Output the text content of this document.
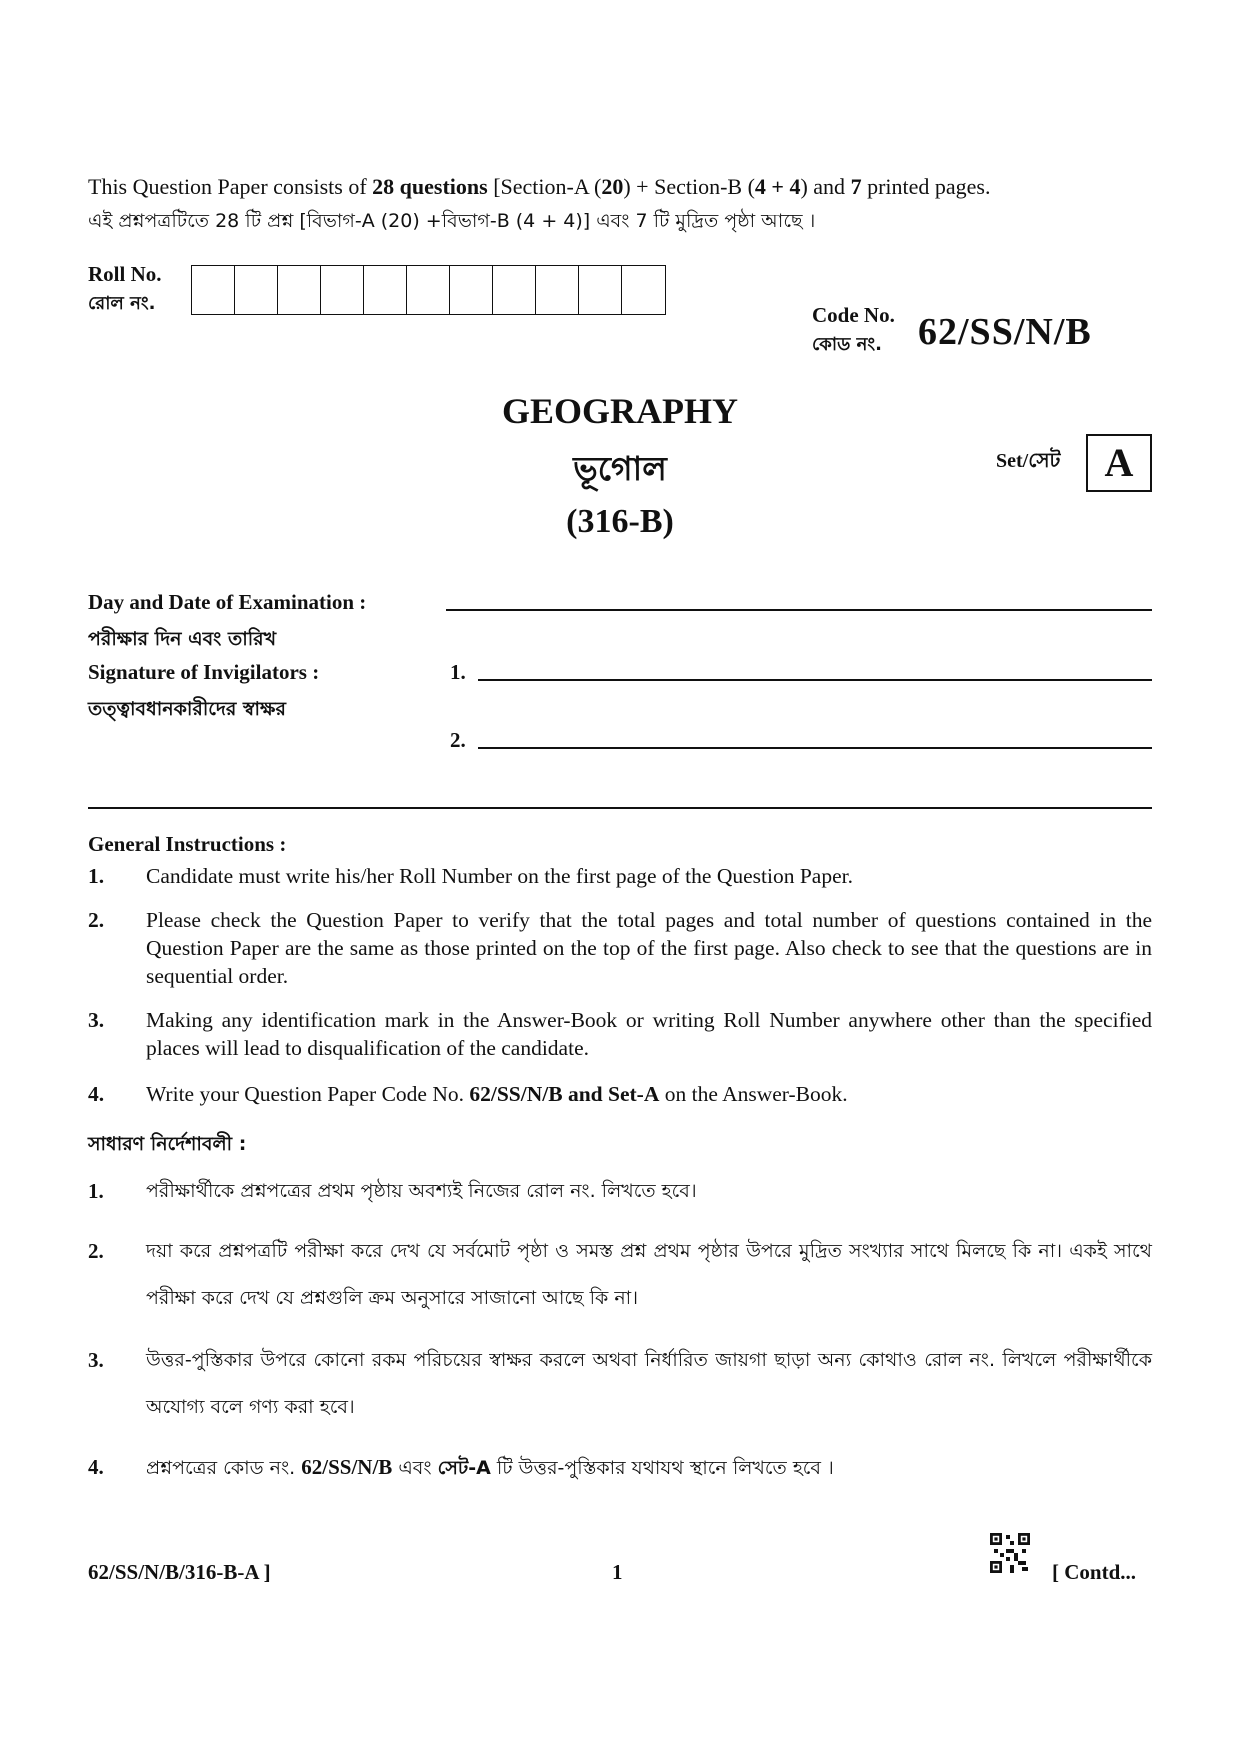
This Question Paper consists of 28 questions [Section-A (20) + Section-B (4 + 4) and 7 printed pages.
এই প্রশ্নপত্রটিতে 28 টি প্রশ্ন [বিভাগ-A (20) +বিভাগ-B (4 + 4)] এবং 7 টি মুদ্রিত পৃষ্ঠা আছে ।
Roll No.
রোল নং.	Code No.
কোড নং. 62/SS/N/B
GEOGRAPHY
ভূগোল
(316-B)
Set/সেট	A
Day and Date of Examination :
পরীক্ষার দিন এবং তারিখ
Signature of Invigilators :	1.
তত্ত্বাবধানকারীদের স্বাক্ষর
2.
General Instructions :
1.	Candidate must write his/her Roll Number on the first page of the Question Paper.
2.	Please check the Question Paper to verify that the total pages and total number of questions contained in the Question Paper are the same as those printed on the top of the first page. Also check to see that the questions are in sequential order.
3.	Making any identification mark in the Answer-Book or writing Roll Number anywhere other than the specified places will lead to disqualification of the candidate.
4.	Write your Question Paper Code No. 62/SS/N/B and Set-A on the Answer-Book.
সাধারণ নির্দেশাবলী :
1.	পরীক্ষার্থীকে প্রশ্নপত্রের প্রথম পৃষ্ঠায় অবশ্যই নিজের রোল নং. লিখতে হবে।
2.	দয়া করে প্রশ্নপত্রটি পরীক্ষা করে দেখ যে সর্বমোট পৃষ্ঠা ও সমস্ত প্রশ্ন প্রথম পৃষ্ঠার উপরে মুদ্রিত সংখ্যার সাথে মিলছে কি না। একই সাথে পরীক্ষা করে দেখ যে প্রশ্নগুলি ক্রম অনুসারে সাজানো আছে কি না।
3.	উত্তর-পুস্তিকার উপরে কোনো রকম পরিচয়ের স্বাক্ষর করলে অথবা নির্ধারিত জায়গা ছাড়া অন্য কোথাও রোল নং. লিখলে পরীক্ষার্থীকে অযোগ্য বলে গণ্য করা হবে।
4.	প্রশ্নপত্রের কোড নং. 62/SS/N/B এবং সেট-A টি উত্তর-পুস্তিকার যথাযথ স্থানে লিখতে হবে ।
62/SS/N/B/316-B-A ]	1	[ Contd...
